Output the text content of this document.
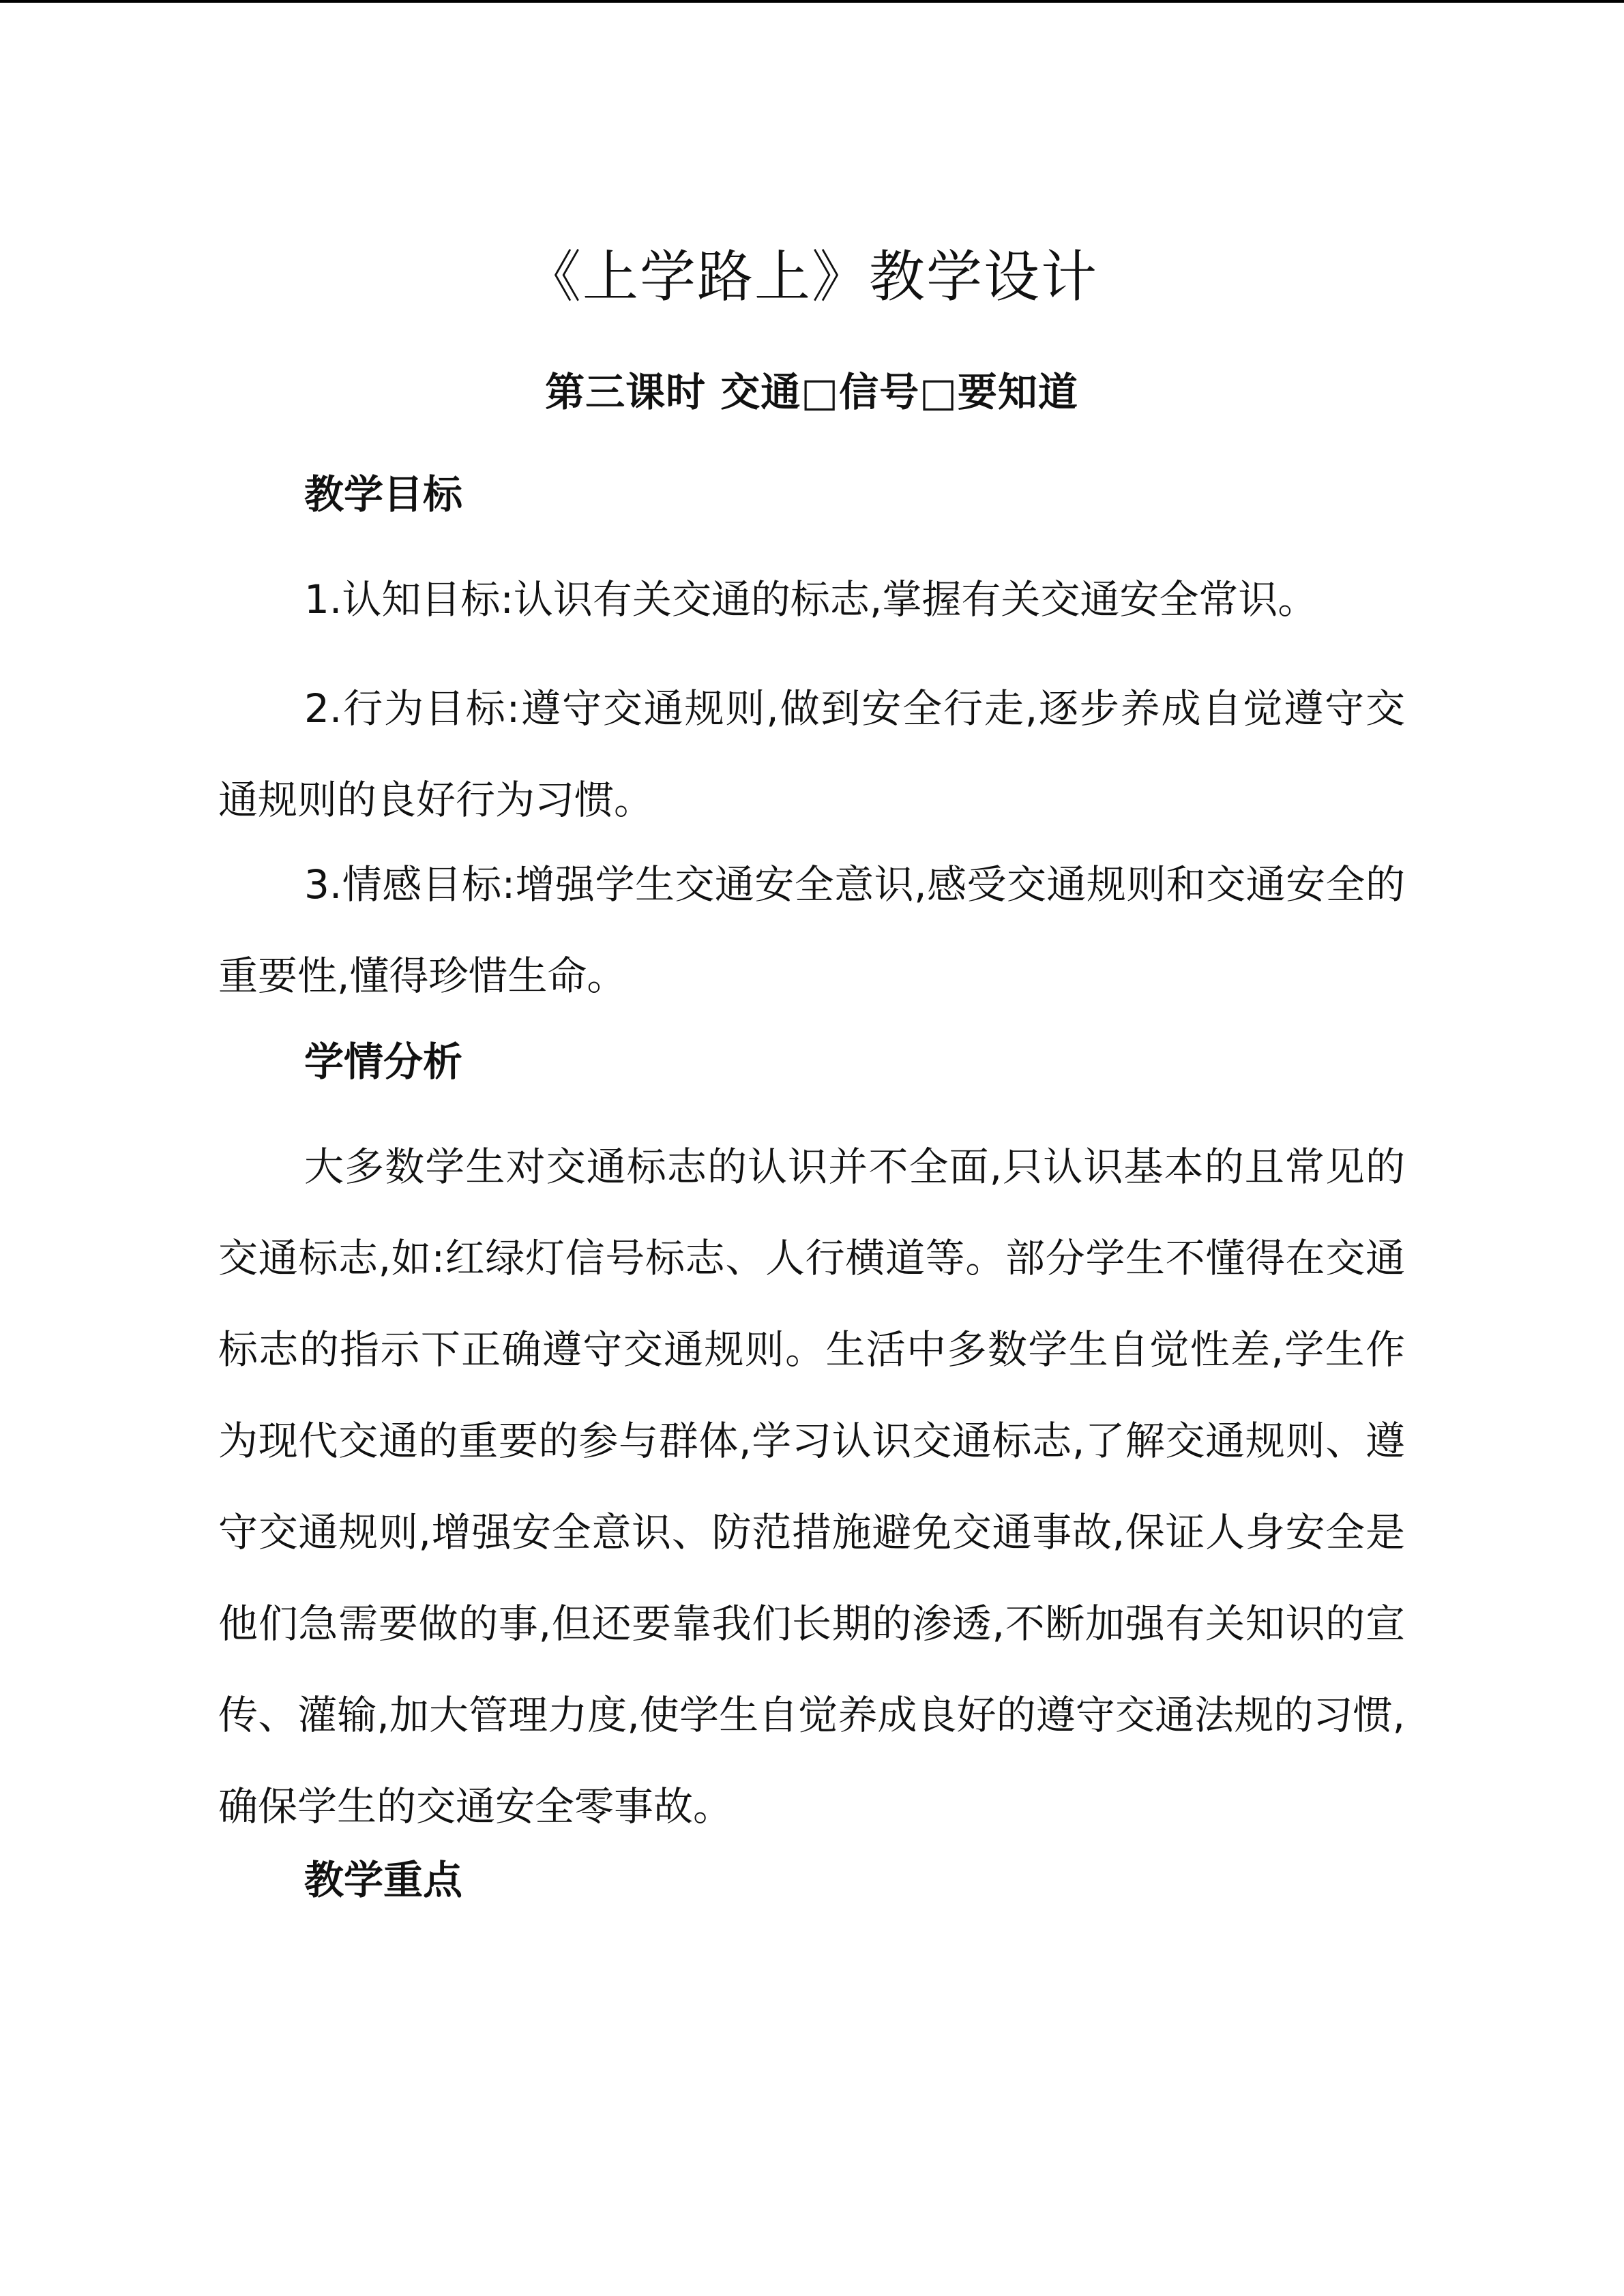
《上学路上》教学设计
第三课时 交通□信号□要知道
教学目标

1.认知目标:认识有关交通的标志,掌握有关交通安全常识。

2.行为目标:遵守交通规则,做到安全行走,逐步养成自觉遵守交通规则的良好行为习惯。

3.情感目标:增强学生交通安全意识,感受交通规则和交通安全的重要性,懂得珍惜生命。

学情分析

大多数学生对交通标志的认识并不全面,只认识基本的且常见的交通标志,如:红绿灯信号标志、人行横道等。部分学生不懂得在交通标志的指示下正确遵守交通规则。生活中多数学生自觉性差,学生作为现代交通的重要的参与群体,学习认识交通标志,了解交通规则、遵守交通规则,增强安全意识、防范措施避免交通事故,保证人身安全是他们急需要做的事,但还要靠我们长期的渗透,不断加强有关知识的宣传、灌输,加大管理力度,使学生自觉养成良好的遵守交通法规的习惯,确保学生的交通安全零事故。

教学重点
